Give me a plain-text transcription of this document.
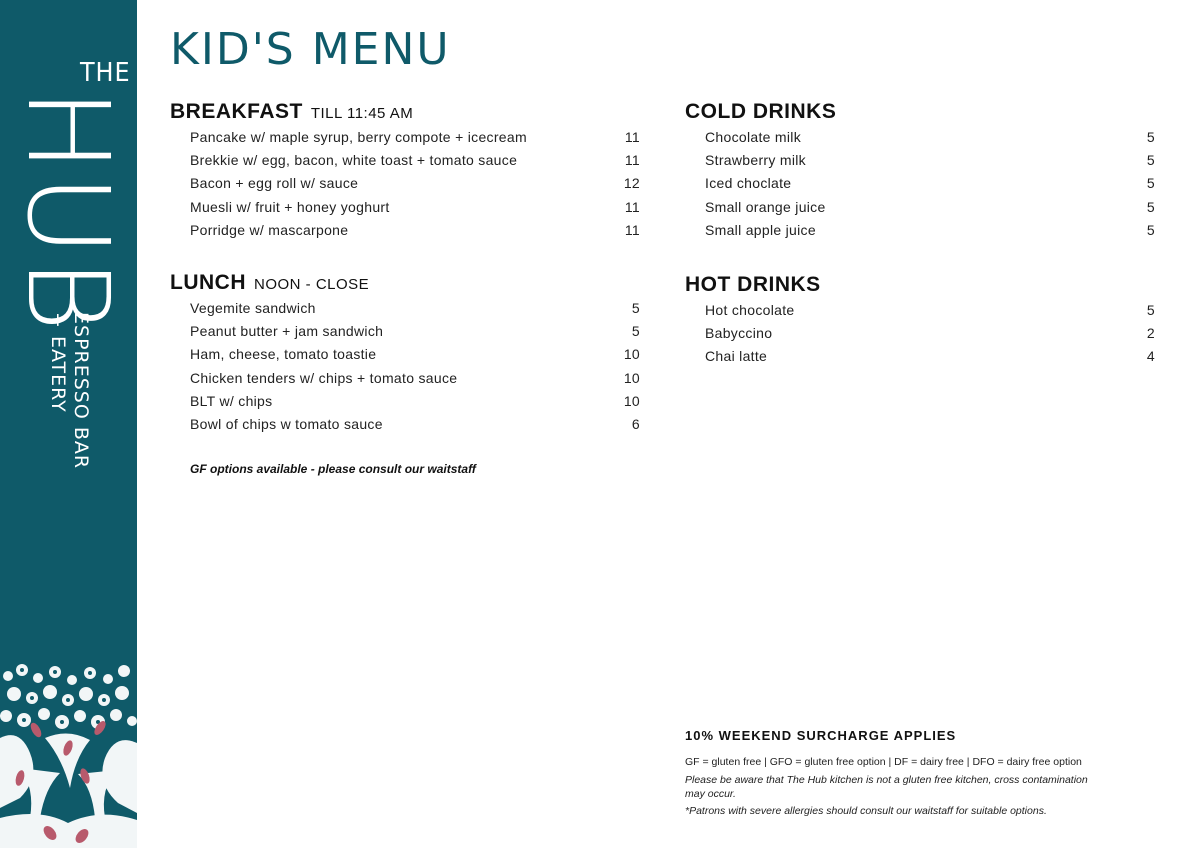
THE
HUB
ESPRESSO BAR
+ EATERY
KID'S MENU
BREAKFAST TILL 11:45 AM
Pancake w/ maple syrup, berry compote + icecream	11
Brekkie w/ egg, bacon, white toast + tomato sauce	11
Bacon + egg roll w/ sauce	12
Muesli w/ fruit + honey yoghurt	11
Porridge w/ mascarpone	11
LUNCH NOON - CLOSE
Vegemite sandwich	5
Peanut butter + jam sandwich	5
Ham, cheese, tomato toastie	10
Chicken tenders w/ chips + tomato sauce	10
BLT w/ chips	10
Bowl of chips w tomato sauce	6

GF options available - please consult our waitstaff

COLD DRINKS
Chocolate milk	5
Strawberry milk	5
Iced choclate	5
Small orange juice	5
Small apple juice	5
HOT DRINKS
Hot chocolate	5
Babyccino	2
Chai latte	4

10% WEEKEND SURCHARGE APPLIES

GF = gluten free | GFO = gluten free option | DF = dairy free | DFO = dairy free option

Please be aware that The Hub kitchen is not a gluten free kitchen, cross contamination may occur.

*Patrons with severe allergies should consult our waitstaff for suitable options.
